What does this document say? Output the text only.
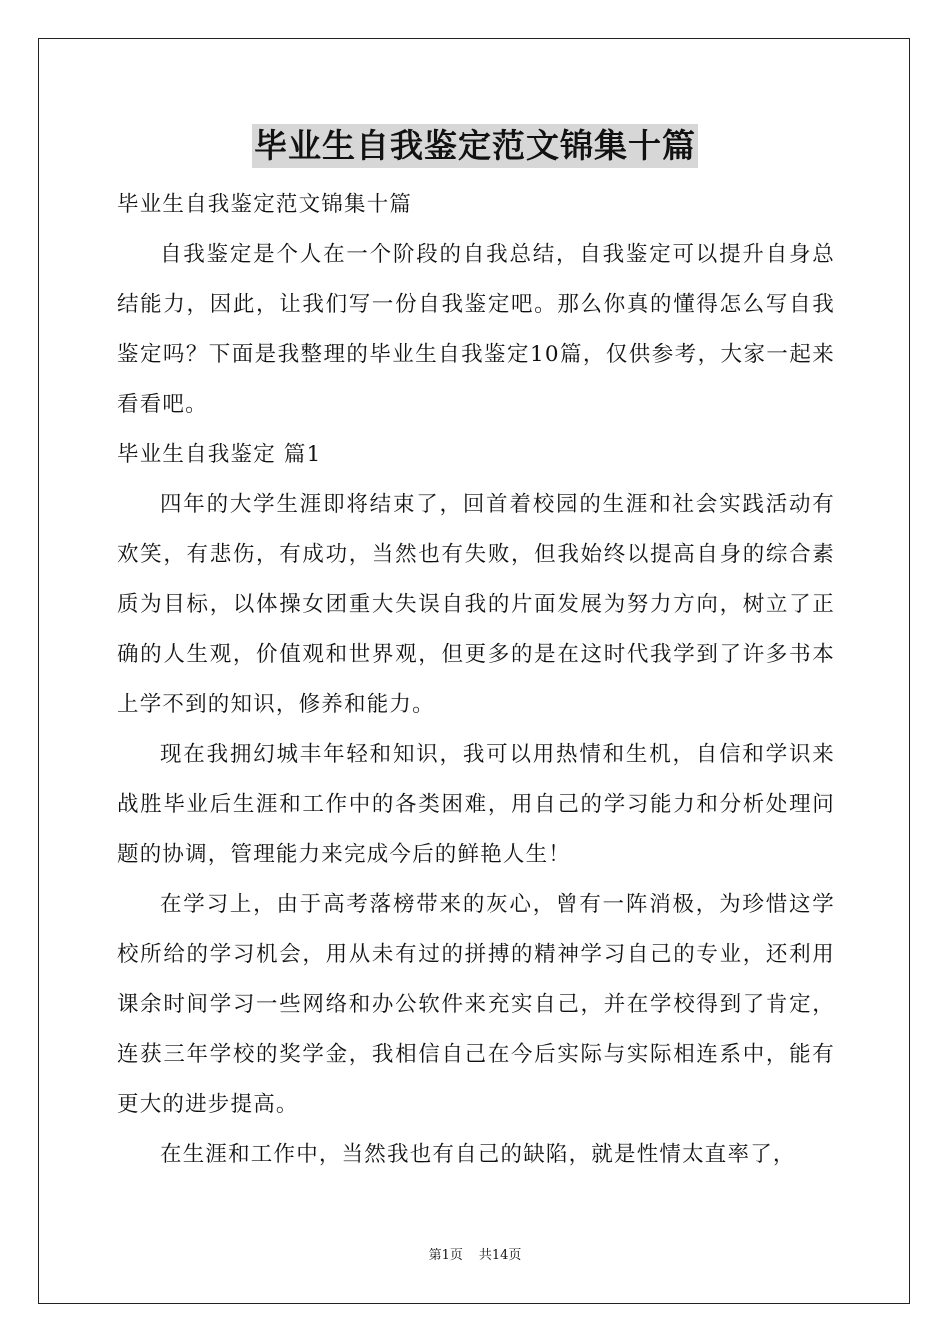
毕业生自我鉴定范文锦集十篇
毕业生自我鉴定范文锦集十篇
自我鉴定是个人在一个阶段的自我总结，自我鉴定可以提升自身总结能力，因此，让我们写一份自我鉴定吧。那么你真的懂得怎么写自我鉴定吗？下面是我整理的毕业生自我鉴定10篇，仅供参考，大家一起来看看吧。
毕业生自我鉴定 篇1
四年的大学生涯即将结束了，回首着校园的生涯和社会实践活动有欢笑，有悲伤，有成功，当然也有失败，但我始终以提高自身的综合素质为目标，以体操女团重大失误自我的片面发展为努力方向，树立了正确的人生观，价值观和世界观，但更多的是在这时代我学到了许多书本上学不到的知识，修养和能力。
现在我拥幻城丰年轻和知识，我可以用热情和生机，自信和学识来战胜毕业后生涯和工作中的各类困难，用自己的学习能力和分析处理问题的协调，管理能力来完成今后的鲜艳人生！
在学习上，由于高考落榜带来的灰心，曾有一阵消极，为珍惜这学校所给的学习机会，用从未有过的拼搏的精神学习自己的专业，还利用课余时间学习一些网络和办公软件来充实自己，并在学校得到了肯定，连获三年学校的奖学金，我相信自己在今后实际与实际相连系中，能有更大的进步提高。
在生涯和工作中，当然我也有自己的缺陷，就是性情太直率了，
第1页 共14页
